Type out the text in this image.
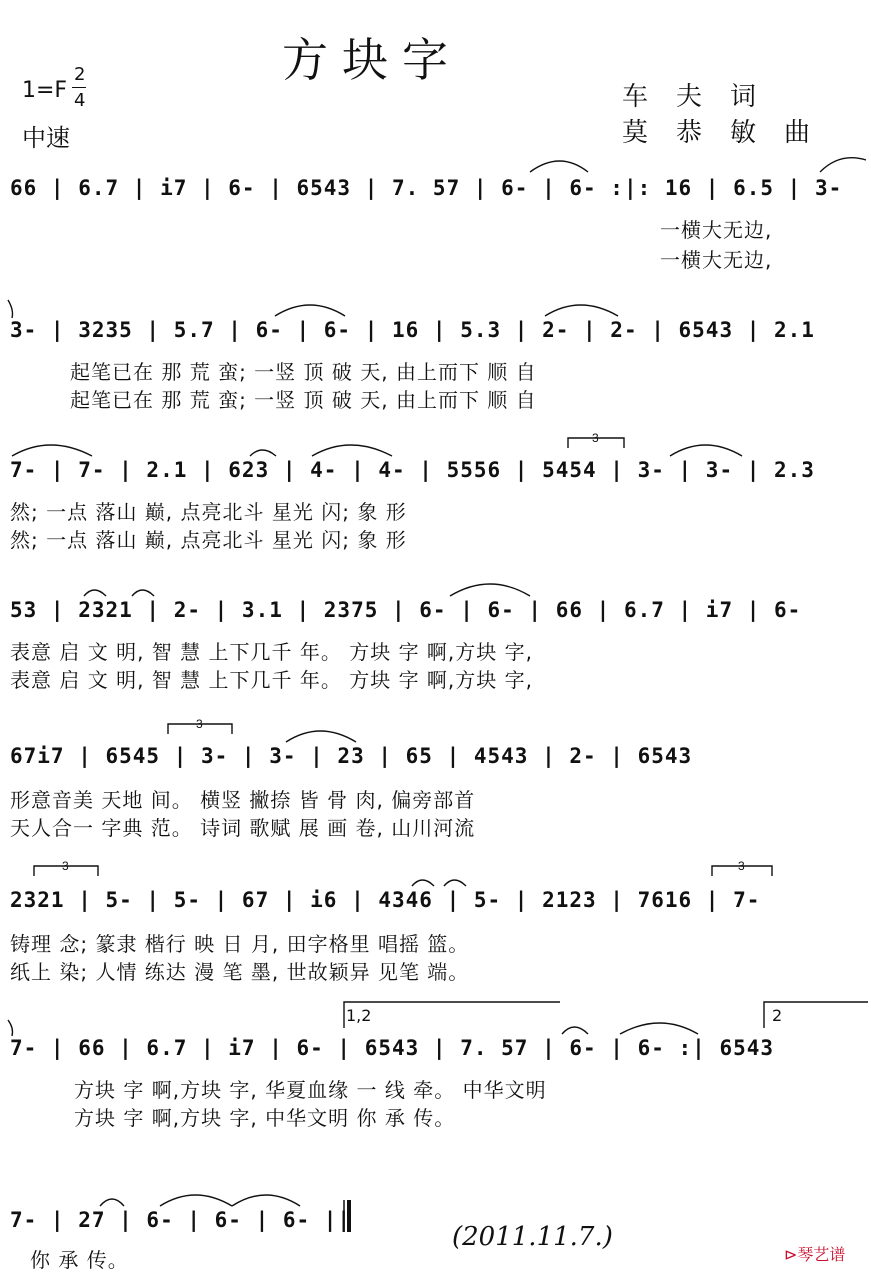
1=F
2
4
中速
方块字
车夫词
莫恭敏曲
66 | 6.7 | i7 | 6- | 6543 | 7. 57 | 6- | 6- :|: 16 | 6.5 | 3-
一横大无边,
一横大无边,
3- | 3235 | 5.7 | 6- | 6- | 16 | 5.3 | 2- | 2- | 6543 | 2.1
起笔已在 那 荒 蛮; 一竖 顶 破 天, 由上而下 顺 自
起笔已在 那 荒 蛮; 一竖 顶 破 天, 由上而下 顺 自
7- | 7- | 2.1 | 623 | 4- | 4- | 5556 | 5454 | 3- | 3- | 2.3
然; 一点 落山 巅, 点亮北斗 星光 闪; 象 形
然; 一点 落山 巅, 点亮北斗 星光 闪; 象 形
53 | 2321 | 2- | 3.1 | 2375 | 6- | 6- | 66 | 6.7 | i7 | 6-
表意 启 文 明, 智 慧 上下几千 年。 方块 字 啊,方块 字,
表意 启 文 明, 智 慧 上下几千 年。 方块 字 啊,方块 字,
67i7 | 6545 | 3- | 3- | 23 | 65 | 4543 | 2- | 6543
形意音美 天地 间。 横竖 撇捺 皆 骨 肉, 偏旁部首
天人合一 字典 范。 诗词 歌赋 展 画 卷, 山川河流
2321 | 5- | 5- | 67 | i6 | 4346 | 5- | 2123 | 7616 | 7-
铸理 念; 篆隶 楷行 映 日 月, 田字格里 唱摇 篮。
纸上 染; 人情 练达 漫 笔 墨, 世故颖异 见笔 端。
7- | 66 | 6.7 | i7 | 6- | 6543 | 7. 57 | 6- | 6- :| 6543
方块 字 啊,方块 字, 华夏血缘 一 线 牵。 中华文明
方块 字 啊,方块 字, 中华文明 你 承 传。
1,2	2
7- | 27 | 6- | 6- | 6- ||
你 承 传。
(2011.11.7.)
⊳琴艺谱
3
3
3	3
